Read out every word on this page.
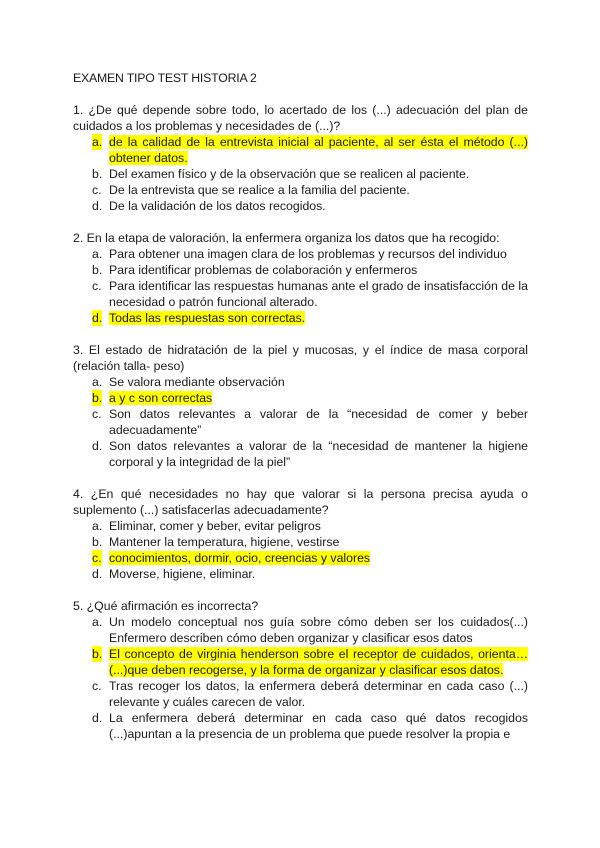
EXAMEN TIPO TEST HISTORIA 2
1. ¿De qué depende sobre todo, lo acertado de los (...) adecuación del plan de cuidados a los problemas y necesidades de (...)?
a. de la calidad de la entrevista inicial al paciente, al ser ésta el método (...) obtener datos.
b. Del examen físico y de la observación que se realicen al paciente.
c. De la entrevista que se realice a la familia del paciente.
d. De la validación de los datos recogidos.
2. En la etapa de valoración, la enfermera organiza los datos que ha recogido:
a. Para obtener una imagen clara de los problemas y recursos del individuo
b. Para identificar problemas de colaboración y enfermeros
c. Para identificar las respuestas humanas ante el grado de insatisfacción de la necesidad o patrón funcional alterado.
d. Todas las respuestas son correctas.
3. El estado de hidratación de la piel y mucosas, y el índice de masa corporal (relación talla- peso)
a. Se valora mediante observación
b. a y c son correctas
c. Son datos relevantes a valorar de la “necesidad de comer y beber adecuadamente”
d. Son datos relevantes a valorar de la “necesidad de mantener la higiene corporal y la integridad de la piel”
4. ¿En qué necesidades no hay que valorar si la persona precisa ayuda o suplemento (...) satisfacerlas adecuadamente?
a. Eliminar, comer y beber, evitar peligros
b. Mantener la temperatura, higiene, vestirse
c. conocimientos, dormir, ocio, creencias y valores
d. Moverse, higiene, eliminar.
5. ¿Qué afirmación es incorrecta?
a. Un modelo conceptual nos guía sobre cómo deben ser los cuidados(...) Enfermero describen cómo deben organizar y clasificar esos datos
b. El concepto de virginia henderson sobre el receptor de cuidados, orienta…(...)que deben recogerse, y la forma de organizar y clasificar esos datos.
c. Tras recoger los datos, la enfermera deberá determinar en cada caso (...) relevante y cuáles carecen de valor.
d. La enfermera deberá determinar en cada caso qué datos recogidos (...)apuntan a la presencia de un problema que puede resolver la propia e
